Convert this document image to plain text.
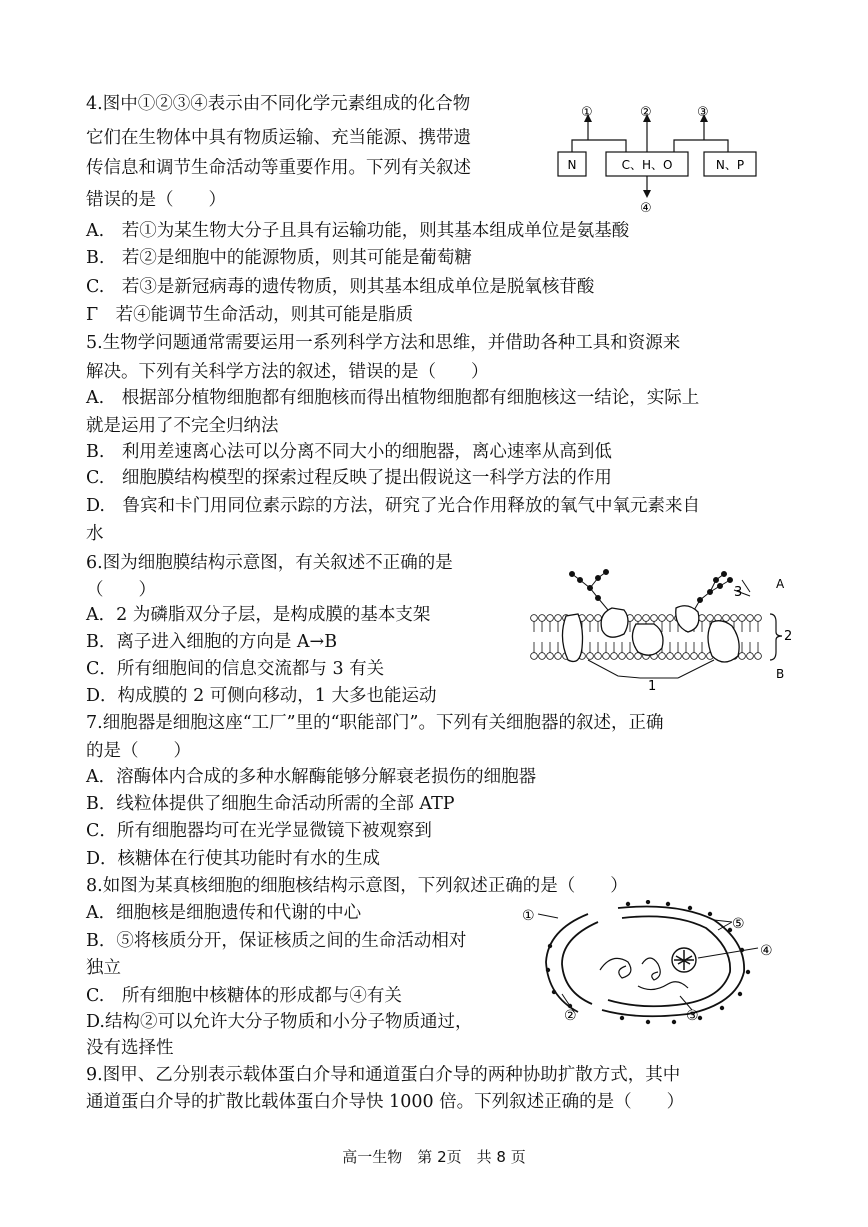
4.图中①②③④表示由不同化学元素组成的化合物
它们在生物体中具有物质运输、充当能源、携带遗
传信息和调节生命活动等重要作用。下列有关叙述
错误的是（　　）
A.　若①为某生物大分子且具有运输功能，则其基本组成单位是氨基酸
B.　若②是细胞中的能源物质，则其可能是葡萄糖
C.　若③是新冠病毒的遗传物质，则其基本组成单位是脱氧核苷酸
Γ　若④能调节生命活动，则其可能是脂质
①	②	③
④
N	C、H、O	N、P
5.生物学问题通常需要运用一系列科学方法和思维，并借助各种工具和资源来
解决。下列有关科学方法的叙述，错误的是（　　）
A.　根据部分植物细胞都有细胞核而得出植物细胞都有细胞核这一结论，实际上
就是运用了不完全归纳法
B.　利用差速离心法可以分离不同大小的细胞器，离心速率从高到低
C.　细胞膜结构模型的探索过程反映了提出假说这一科学方法的作用
D.　鲁宾和卡门用同位素示踪的方法，研究了光合作用释放的氧气中氧元素来自
水
6.图为细胞膜结构示意图，有关叙述不正确的是
（　　）
A．2 为磷脂双分子层，是构成膜的基本支架
B．离子进入细胞的方向是 A→B
C．所有细胞间的信息交流都与 3 有关
D．构成膜的 2 可侧向移动，1 大多也能运动
3
A
2
1
B
7.细胞器是细胞这座“工厂”里的“职能部门”。下列有关细胞器的叙述，正确
的是（　　）
A．溶酶体内合成的多种水解酶能够分解衰老损伤的细胞器
B．线粒体提供了细胞生命活动所需的全部 ATP
C．所有细胞器均可在光学显微镜下被观察到
D．核糖体在行使其功能时有水的生成
8.如图为某真核细胞的细胞核结构示意图，下列叙述正确的是（　　）
A．细胞核是细胞遗传和代谢的中心
B．⑤将核质分开，保证核质之间的生命活动相对
独立
C.　所有细胞中核糖体的形成都与④有关
D.结构②可以允许大分子物质和小分子物质通过，
没有选择性
①	⑤
④
②	③
9.图甲、乙分别表示载体蛋白介导和通道蛋白介导的两种协助扩散方式，其中
通道蛋白介导的扩散比载体蛋白介导快 1000 倍。下列叙述正确的是（　　）
高一生物　第 2页　共 8 页
